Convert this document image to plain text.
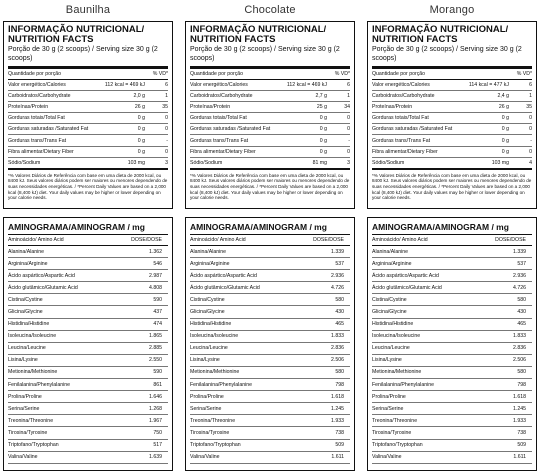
Baunilha
INFORMAÇÃO NUTRICIONAL/
NUTRITION FACTS
Porção de 30 g (2 scoops) / Serving size 30 g (2 scoops)
Quantidade por porção		% VD*
Valor energético/Calories	112 kcal = 469 kJ	6
Carboidratos/Carbohydrate	2,0 g	1
Proteínas/Protein	26 g	35
Gorduras totais/Total Fat	0 g	0
Gorduras saturadas /Saturated Fat	0 g	0
Gorduras trans/Trans Fat	0 g	-
Fibra alimentar/Dietary Fiber	0 g	0
Sódio/Sodium	103 mg	3
*% Valores Diários de Referência com base em uma dieta de 2000 kcal, ou 8400 kJ. Seus valores diários podem ser maiores ou menores dependendo de suas necessidades energéticas. / *Percent Daily Values are based on a 2,000 kcal (8,400 kJ) diet. Your daily values may be higher or lower depending on your calorie needs.
AMINOGRAMA/AMINOGRAM / mg
Aminoácido/ Amino Acid	DOSE/DOSE
Alanina/Alanine	1.362
Arginina/Arginine	546
Ácido aspártico/Aspartic Acid	2.987
Ácido glutâmico/Glutamic Acid	4.808
Cistina/Cystine	590
Glicina/Glycine	437
Histidina/Histidine	474
Isoleucina/Isoleucine	1.865
Leucina/Leucine	2.885
Lisina/Lysine	2.550
Metionina/Methionine	590
Fenilalanina/Phenylalanine	861
Prolina/Proline	1.646
Serina/Serine	1.268
Treonina/Threonine	1.967
Tirosina/Tyrosine	750
Triptofano/Tryptophan	517
Valina/Valine	1.639
Chocolate
INFORMAÇÃO NUTRICIONAL/
NUTRITION FACTS
Porção de 30 g (2 scoops) / Serving size 30 g (2 scoops)
Quantidade por porção		% VD*
Valor energético/Calories	112 kcal = 469 kJ	6
Carboidratos/Carbohydrate	2,7 g	1
Proteínas/Protein	25 g	34
Gorduras totais/Total Fat	0 g	0
Gorduras saturadas /Saturated Fat	0 g	0
Gorduras trans/Trans Fat	0 g	-
Fibra alimentar/Dietary Fiber	0 g	0
Sódio/Sodium	81 mg	3
*% Valores Diários de Referência com base em uma dieta de 2000 kcal, ou 8400 kJ. Seus valores diários podem ser maiores ou menores dependendo de suas necessidades energéticas. / *Percent Daily Values are based on a 2,000 kcal (8,400 kJ) diet. Your daily values may be higher or lower depending on your calorie needs.
AMINOGRAMA/AMINOGRAM / mg
Aminoácido/ Amino Acid	DOSE/DOSE
Alanina/Alanine	1.339
Arginina/Arginine	537
Ácido aspártico/Aspartic Acid	2.936
Ácido glutâmico/Glutamic Acid	4.726
Cistina/Cystine	580
Glicina/Glycine	430
Histidina/Histidine	465
Isoleucina/Isoleucine	1.833
Leucina/Leucine	2.836
Lisina/Lysine	2.506
Metionina/Methionine	580
Fenilalanina/Phenylalanine	798
Prolina/Proline	1.618
Serina/Serine	1.245
Treonina/Threonine	1.933
Tirosina/Tyrosine	738
Triptofano/Tryptophan	509
Valina/Valine	1.611
Morango
INFORMAÇÃO NUTRICIONAL/
NUTRITION FACTS
Porção de 30 g (2 scoops) / Serving size 30 g (2 scoops)
Quantidade por porção		% VD*
Valor energético/Calories	114 kcal = 477 kJ	6
Carboidratos/Carbohydrate	2,4 g	1
Proteínas/Protein	26 g	35
Gorduras totais/Total Fat	0 g	0
Gorduras saturadas /Saturated Fat	0 g	0
Gorduras trans/Trans Fat	0 g	-
Fibra alimentar/Dietary Fiber	0 g	0
Sódio/Sodium	103 mg	4
*% Valores Diários de Referência com base em uma dieta de 2000 kcal, ou 8400 kJ. Seus valores diários podem ser maiores ou menores dependendo de suas necessidades energéticas. / *Percent Daily Values are based on a 2,000 kcal (8,400 kJ) diet. Your daily values may be higher or lower depending on your calorie needs.
AMINOGRAMA/AMINOGRAM / mg
Aminoácido/ Amino Acid	DOSE/DOSE
Alanina/Alanine	1.339
Arginina/Arginine	537
Ácido aspártico/Aspartic Acid	2.936
Ácido glutâmico/Glutamic Acid	4.726
Cistina/Cystine	580
Glicina/Glycine	430
Histidina/Histidine	465
Isoleucina/Isoleucine	1.833
Leucina/Leucine	2.836
Lisina/Lysine	2.506
Metionina/Methionine	580
Fenilalanina/Phenylalanine	798
Prolina/Proline	1.618
Serina/Serine	1.245
Treonina/Threonine	1.933
Tirosina/Tyrosine	738
Triptofano/Tryptophan	509
Valina/Valine	1.611
